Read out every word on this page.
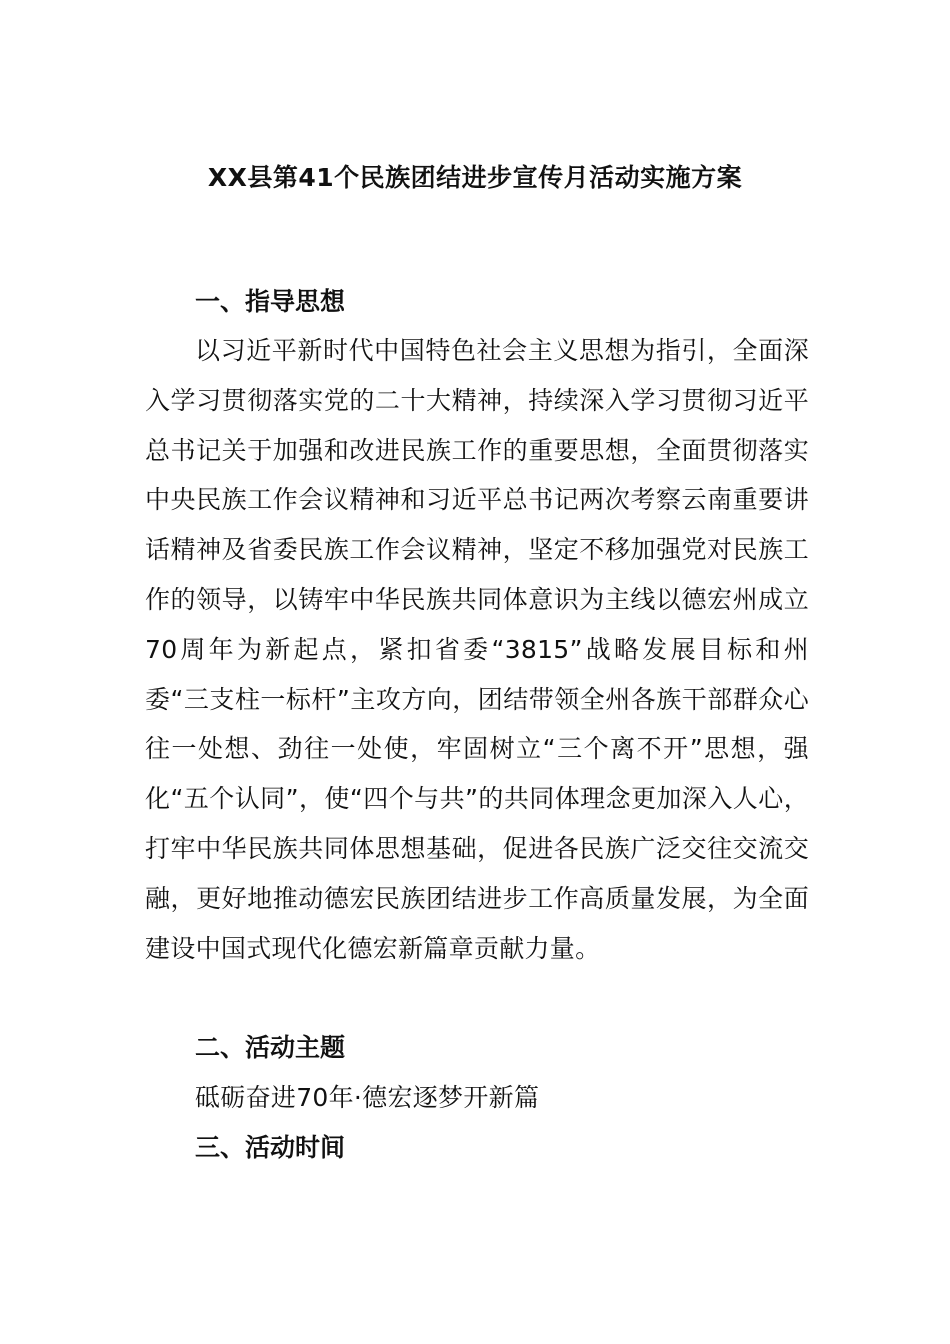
XX县第41个民族团结进步宣传月活动实施方案
一、指导思想
以习近平新时代中国特色社会主义思想为指引，全面深入学习贯彻落实党的二十大精神，持续深入学习贯彻习近平总书记关于加强和改进民族工作的重要思想，全面贯彻落实中央民族工作会议精神和习近平总书记两次考察云南重要讲话精神及省委民族工作会议精神，坚定不移加强党对民族工作的领导，以铸牢中华民族共同体意识为主线以德宏州成立70周年为新起点，紧扣省委“3815”战略发展目标和州委“三支柱一标杆”主攻方向，团结带领全州各族干部群众心往一处想、劲往一处使，牢固树立“三个离不开”思想，强化“五个认同”，使“四个与共”的共同体理念更加深入人心，打牢中华民族共同体思想基础，促进各民族广泛交往交流交融，更好地推动德宏民族团结进步工作高质量发展，为全面建设中国式现代化德宏新篇章贡献力量。
二、活动主题
砥砺奋进70年·德宏逐梦开新篇
三、活动时间
